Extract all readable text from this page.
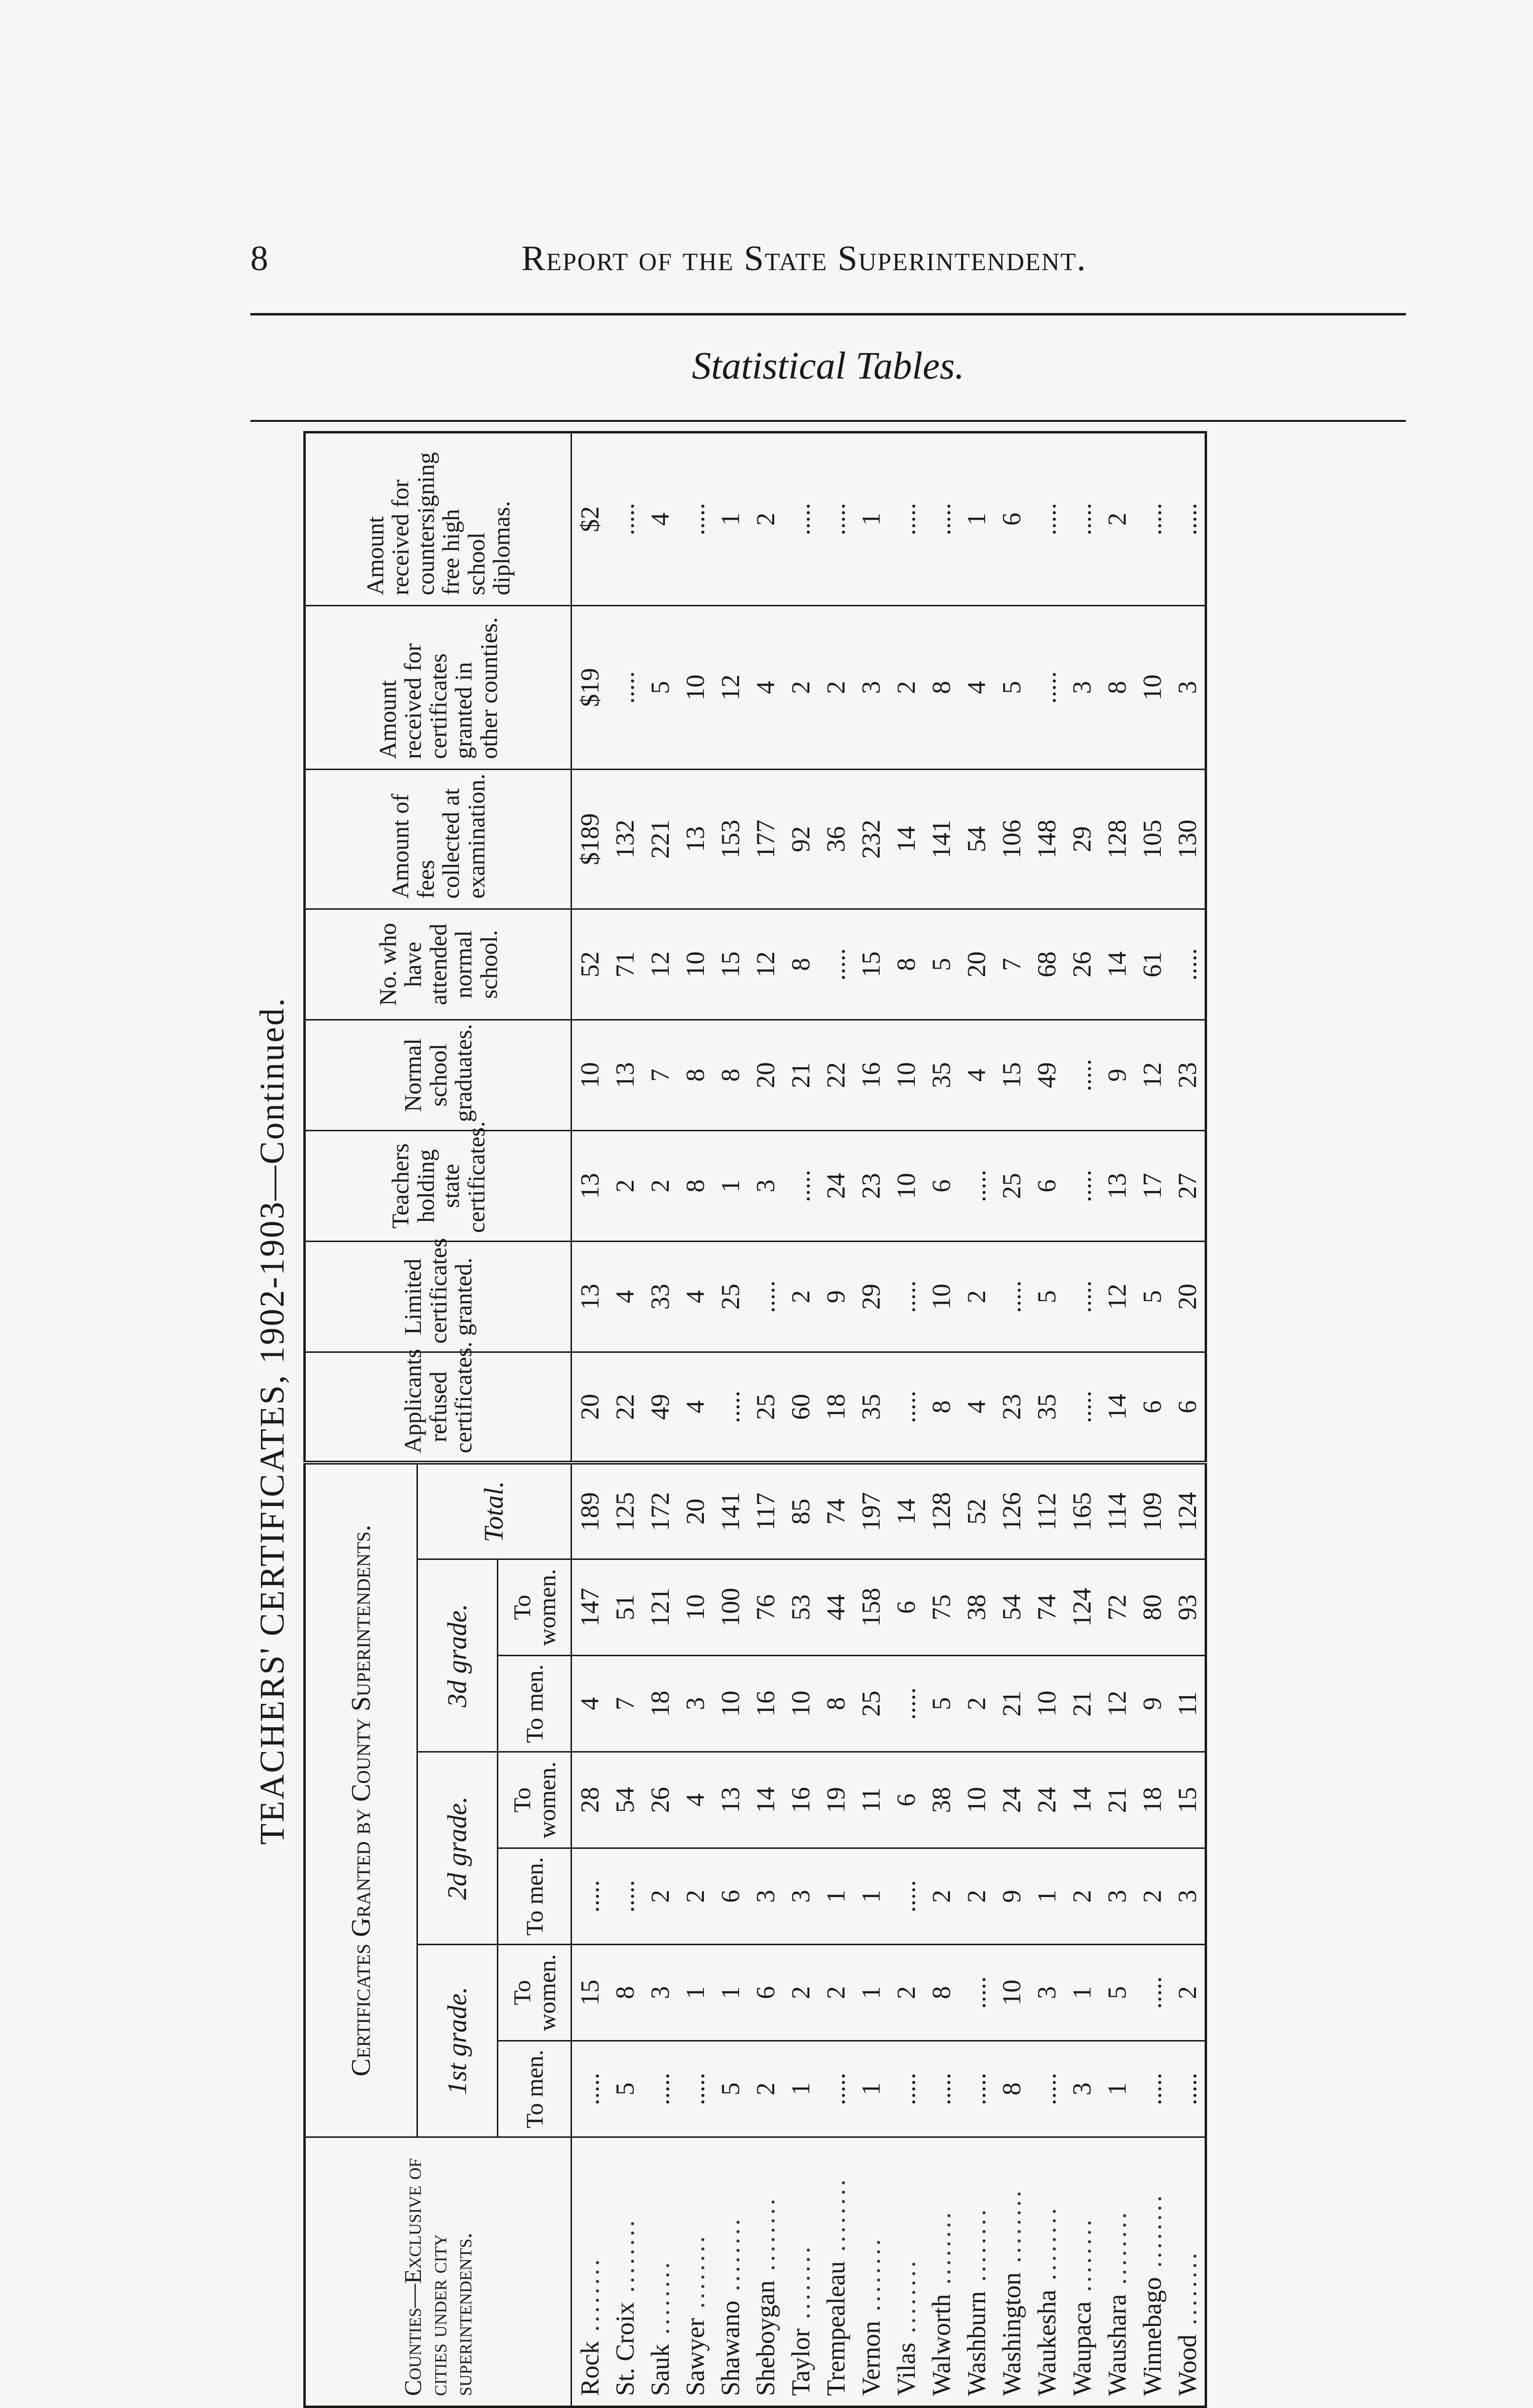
8	Report of the State Superintendent.
Statistical Tables.
TEACHERS' CERTIFICATES, 1902-1903—Continued.
Counties—Exclusive of cities under city superintendents.	Certificates Granted by County Superintendents.							Applicants refused certificates.	Limited certificates granted.	Teachers holding state certificates.	Normal school graduates.	No. who have attended normal school.	Amount of fees collected at examination.	Amount received for certificates granted in other counties.	Amount received for countersigning free high school diplomas.
	1st grade.		2d grade.		3d grade.		Total.								
	To men.	To women.	To men.	To women.	To men.	To women.									
Rock ........	.....	15	.....	28	4	147	189	20	13	13	10	52	$189	$19	$2
St. Croix ........	5	8	.....	54	7	51	125	22	4	2	13	71	132	.....	.....
Sauk ........	.....	3	2	26	18	121	172	49	33	2	7	12	221	5	4
Sawyer ........	.....	1	2	4	3	10	20	4	4	8	8	10	13	10	.....
Shawano ........	5	1	6	13	10	100	141	.....	25	1	8	15	153	12	1
Sheboygan ........	2	6	3	14	16	76	117	25	.....	3	20	12	177	4	2
Taylor ........	1	2	3	16	10	53	85	60	2	.....	21	8	92	2	.....
Trempealeau ........	.....	2	1	19	8	44	74	18	9	24	22	.....	36	2	.....
Vernon ........	1	1	1	11	25	158	197	35	29	23	16	15	232	3	1
Vilas ........	.....	2	.....	6	.....	6	14	.....	.....	10	10	8	14	2	.....
Walworth ........	.....	8	2	38	5	75	128	8	10	6	35	5	141	8	.....
Washburn ........	.....	.....	2	10	2	38	52	4	2	.....	4	20	54	4	1
Washington ........	8	10	9	24	21	54	126	23	.....	25	15	7	106	5	6
Waukesha ........	.....	3	1	24	10	74	112	35	5	6	49	68	148	.....	.....
Waupaca ........	3	1	2	14	21	124	165	.....	.....	.....	.....	26	29	3	.....
Waushara ........	1	5	3	21	12	72	114	14	12	13	9	14	128	8	2
Winnebago ........	.....	.....	2	18	9	80	109	6	5	17	12	61	105	10	.....
Wood ........	.....	2	3	15	11	93	124	6	20	27	23	.....	130	3	.....
